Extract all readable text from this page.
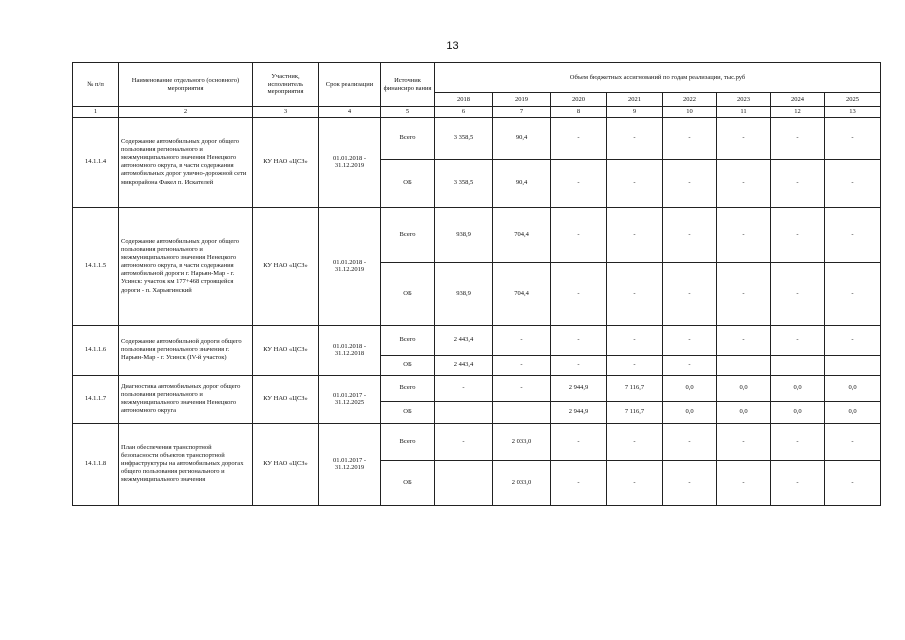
13
№ п/п	Наименование отдельного (основного) мероприятия	Участник, исполнитель мероприятия	Срок реализации	Источник финансиро вания	Объем бюджетных ассигнований по годам реализации, тыс.руб							
					2018	2019	2020	2021	2022	2023	2024	2025
1	2	3	4	5	6	7	8	9	10	11	12	13
14.1.1.4	Содержание автомобильных дорог общего пользования регионального и межмуниципального значения Ненецкого автономного округа, в части содержания автомобильных дорог улично-дорожной сети микрорайона Факел п. Искателей	КУ НАО «ЦСЗ»	01.01.2018 - 31.12.2019	Всего	3 358,5	90,4	-	-	-	-	-	-
				ОБ	3 358,5	90,4	-	-	-	-	-	-
14.1.1.5	Содержание автомобильных дорог общего пользования регионального и межмуниципального значения Ненецкого автономного округа, в части содержания автомобильной дороги г. Нарьян-Мар - г. Усинск: участок км 177+468 строящейся дороги - п. Харьягинский	КУ НАО «ЦСЗ»	01.01.2018 - 31.12.2019	Всего	938,9	704,4	-	-	-	-	-	-
				ОБ	938,9	704,4	-	-	-	-	-	-
14.1.1.6	Содержание автомобильной дороги общего пользования регионального значения г. Нарьян-Мар - г. Усинск (IV-й участок)	КУ НАО «ЦСЗ»	01.01.2018 - 31.12.2018	Всего	2 443,4	-	-	-	-	-	-	-
				ОБ	2 443,4	-	-	-	-			
14.1.1.7	Диагностика автомобильных дорог общего пользования регионального и межмуниципального значения Ненецкого автономного округа	КУ НАО «ЦСЗ»	01.01.2017 - 31.12.2025	Всего	-	-	2 944,9	7 116,7	0,0	0,0	0,0	0,0
				ОБ			2 944,9	7 116,7	0,0	0,0	0,0	0,0
14.1.1.8	План обеспечения транспортной безопасности объектов транспортной инфраструктуры на автомобильных дорогах общего пользования регионального и межмуниципального значения	КУ НАО «ЦСЗ»	01.01.2017 - 31.12.2019	Всего	-	2 033,0	-	-	-	-	-	-
				ОБ		2 033,0	-	-	-	-	-	-
